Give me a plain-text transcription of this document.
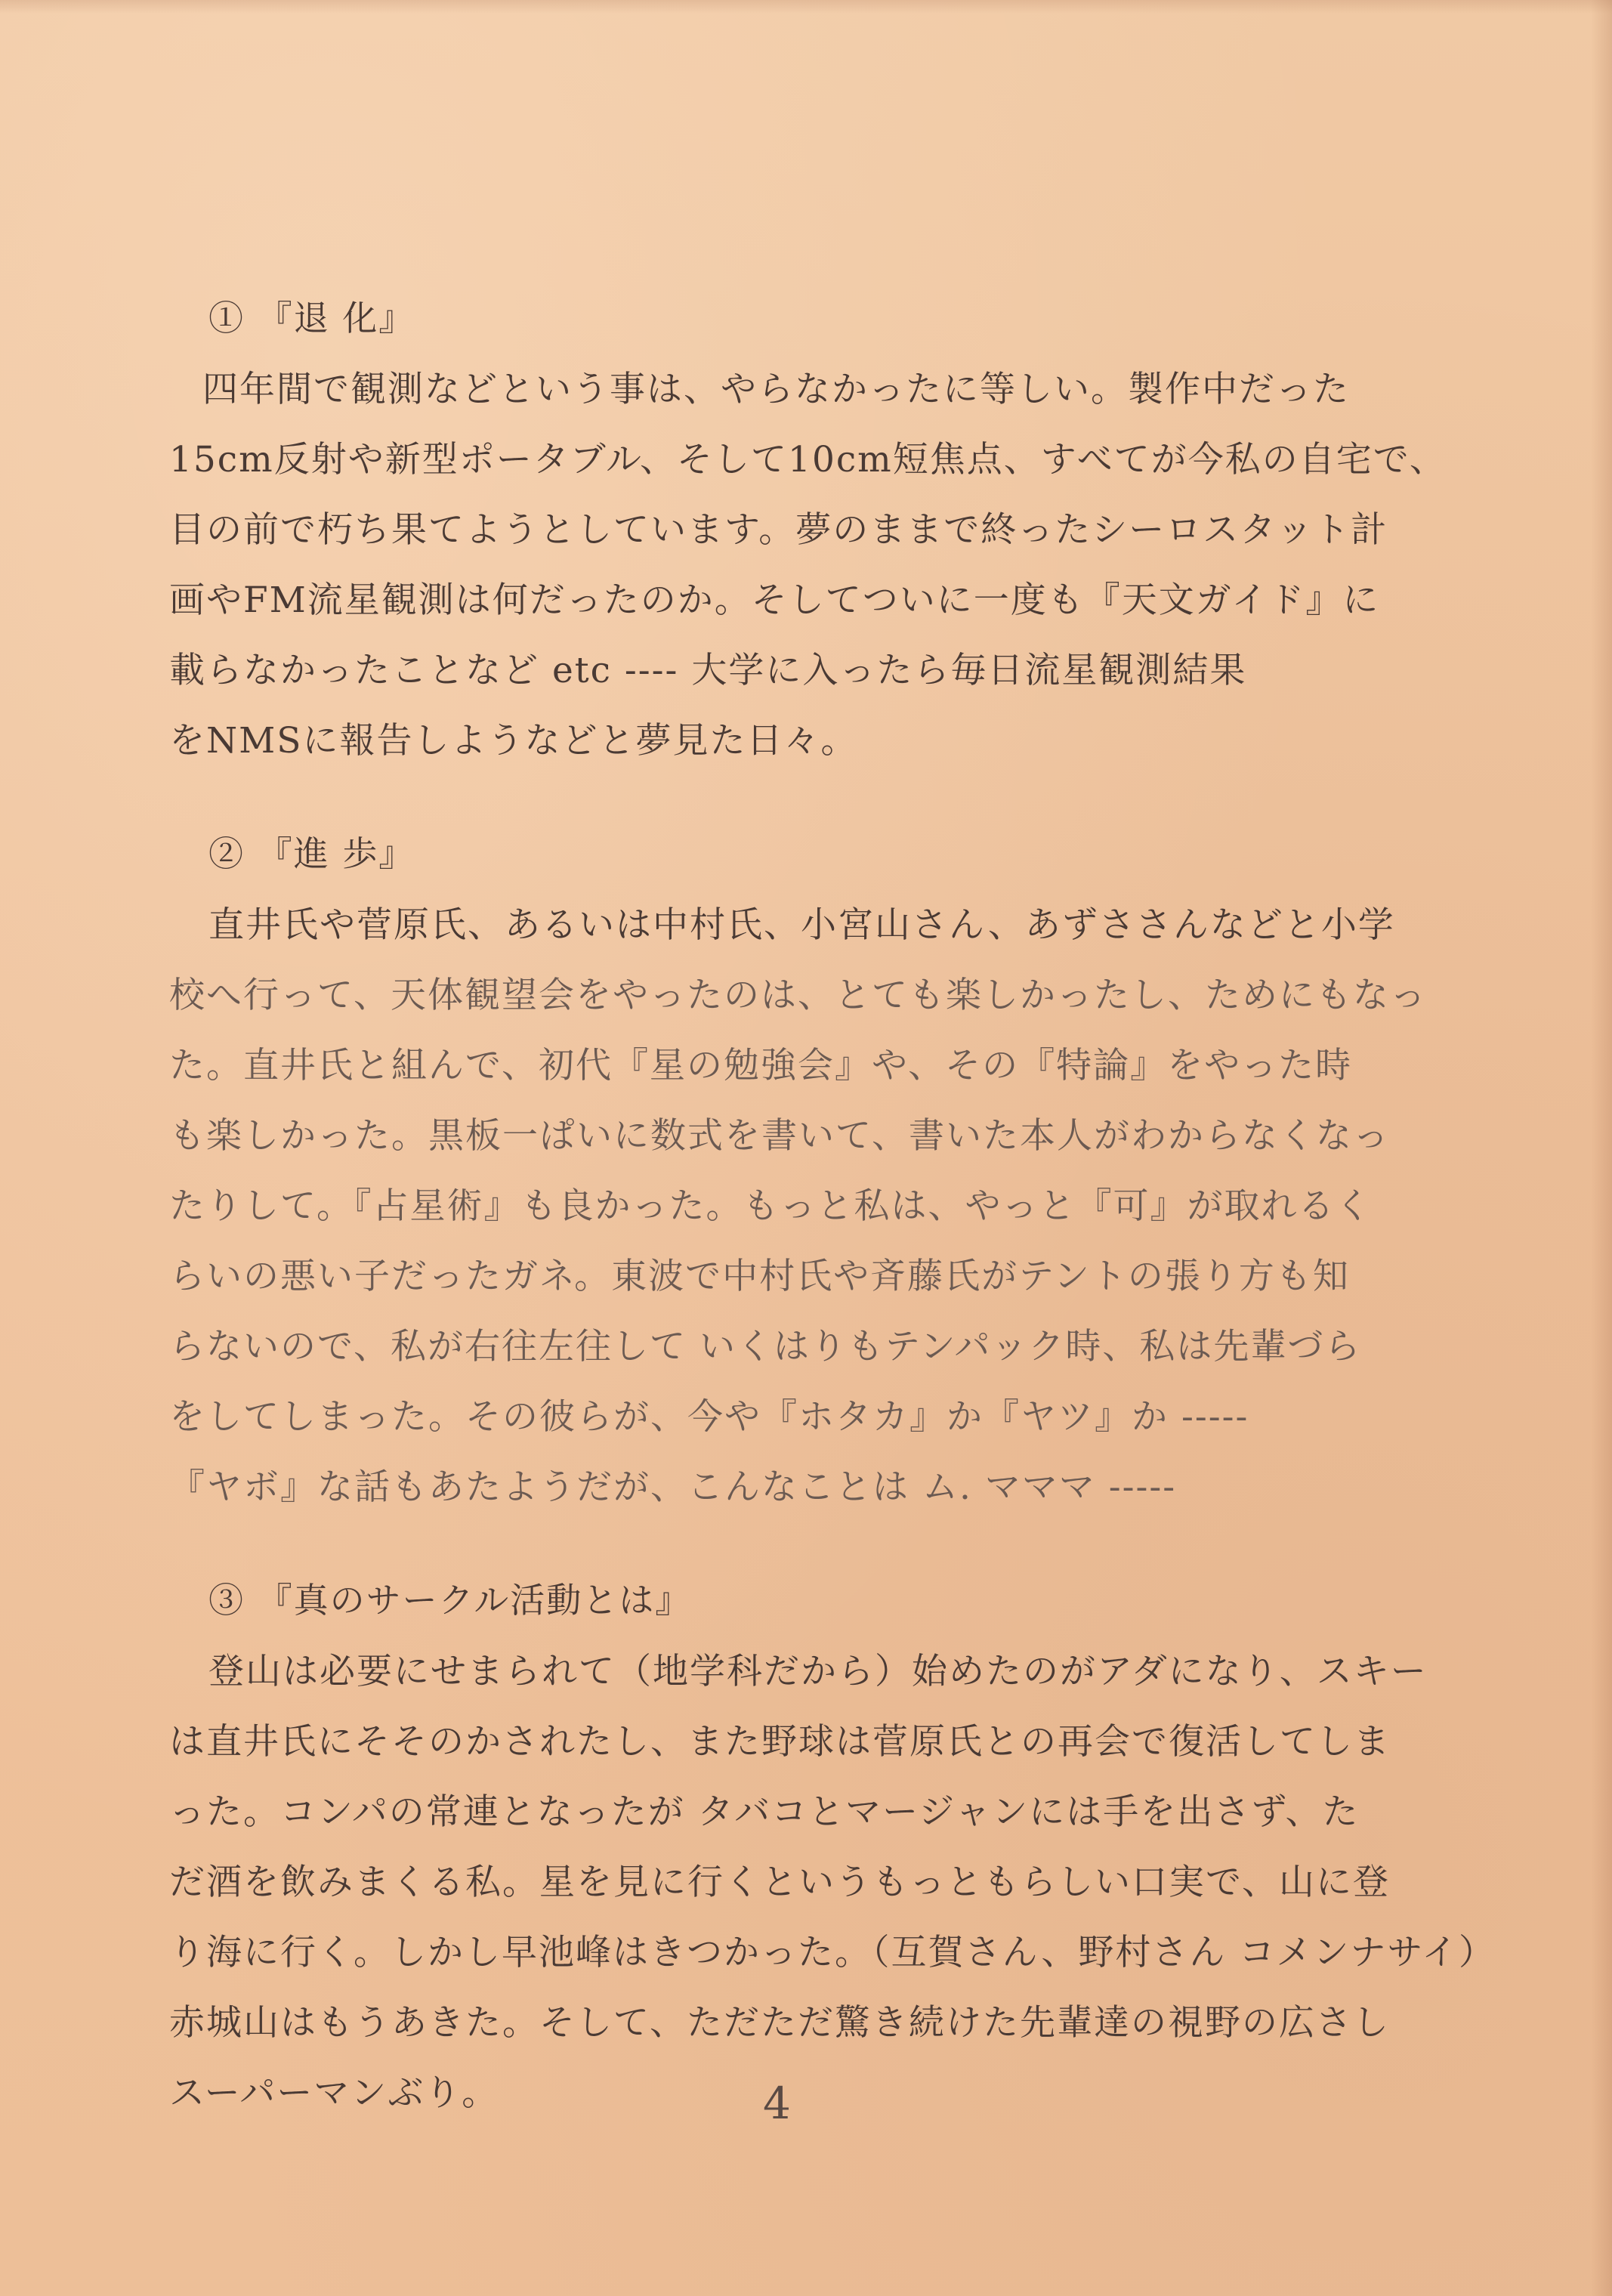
① 『退 化』
四年間で観測などという事は、やらなかったに等しい。製作中だった
15cm反射や新型ポータブル、そして10cm短焦点、すべてが今私の自宅で、
目の前で朽ち果てようとしています。夢のままで終ったシーロスタット計
画やFM流星観測は何だったのか。そしてついに一度も『天文ガイド』に
載らなかったことなど etc ---- 大学に入ったら毎日流星観測結果
をNMSに報告しようなどと夢見た日々。
② 『進 歩』
直井氏や菅原氏、あるいは中村氏、小宮山さん、あずささんなどと小学
校へ行って、天体観望会をやったのは、とても楽しかったし、ためにもなっ
た。直井氏と組んで、初代『星の勉強会』や、その『特論』をやった時
も楽しかった。黒板一ぱいに数式を書いて、書いた本人がわからなくなっ
たりして。『占星術』も良かった。もっと私は、やっと『可』が取れるく
らいの悪い子だったガネ。東波で中村氏や斉藤氏がテントの張り方も知
らないので、私が右往左往して いくはりもテンパック時、私は先輩づら
をしてしまった。その彼らが、今や『ホタカ』か『ヤツ』か -----
『ヤボ』な話もあたようだが、こんなことは ム. マママ -----
③ 『真のサークル活動とは』
登山は必要にせまられて（地学科だから）始めたのがアダになり、スキー
は直井氏にそそのかされたし、また野球は菅原氏との再会で復活してしま
った。コンパの常連となったが タバコとマージャンには手を出さず、た
だ酒を飲みまくる私。星を見に行くというもっともらしい口実で、山に登
り海に行く。しかし早池峰はきつかった。（互賀さん、野村さん コメンナサイ）
赤城山はもうあきた。そして、ただただ驚き続けた先輩達の視野の広さし
スーパーマンぶり。	4
